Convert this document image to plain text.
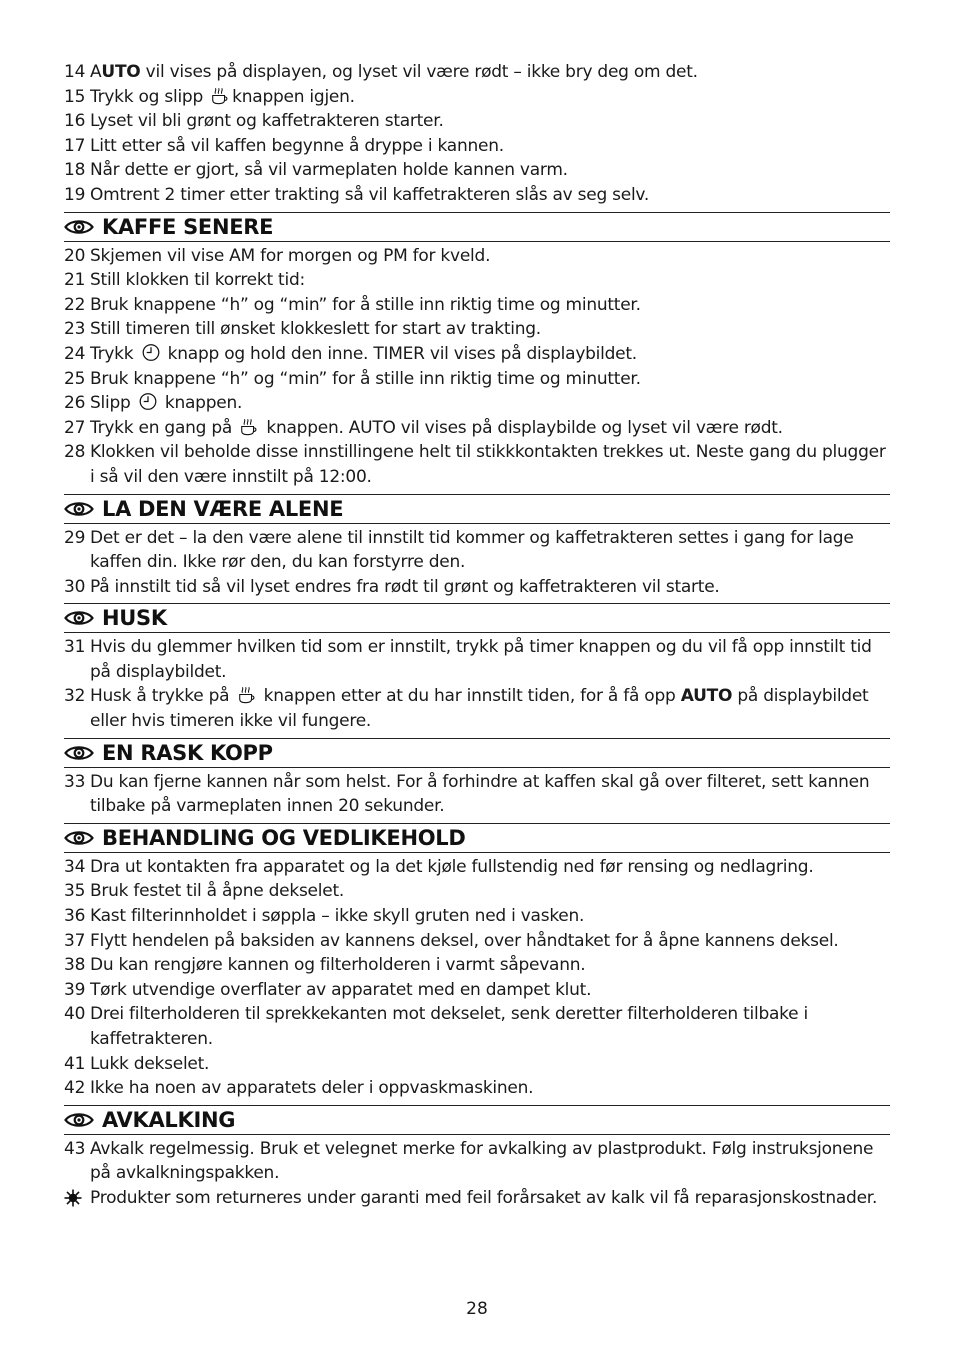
14 AUTO vil vises på displayen, og lyset vil være rødt – ikke bry deg om det.
15 Trykk og slipp knappen igjen.
16 Lyset vil bli grønt og kaffetrakteren starter.
17 Litt etter så vil kaffen begynne å dryppe i kannen.
18 Når dette er gjort, så vil varmeplaten holde kannen varm.
19 Omtrent 2 timer etter trakting så vil kaffetrakteren slås av seg selv.
KAFFE SENERE
20 Skjemen vil vise AM for morgen og PM for kveld.
21 Still klokken til korrekt tid:
22 Bruk knappene “h” og “min” for å stille inn riktig time og minutter.
23 Still timeren till ønsket klokkeslett for start av trakting.
24 Trykk  knapp og hold den inne. TIMER vil vises på displaybildet.
25 Bruk knappene “h” og “min” for å stille inn riktig time og minutter.
26 Slipp  knappen.
27 Trykk en gang på  knappen. AUTO vil vises på displaybilde og lyset vil være rødt.
28 Klokken vil beholde disse innstillingene helt til stikkkontakten trekkes ut. Neste gang du plugger i så vil den være innstilt på 12:00.
LA DEN VÆRE ALENE
29 Det er det – la den være alene til innstilt tid kommer og kaffetrakteren settes i gang for lage kaffen din. Ikke rør den, du kan forstyrre den.
30 På innstilt tid så vil lyset endres fra rødt til grønt og kaffetrakteren vil starte.
HUSK
31 Hvis du glemmer hvilken tid som er innstilt, trykk på timer knappen og du vil få opp innstilt tid på displaybildet.
32 Husk å trykke på  knappen etter at du har innstilt tiden, for å få opp AUTO på displaybildet eller hvis timeren ikke vil fungere.
EN RASK KOPP
33 Du kan fjerne kannen når som helst. For å forhindre at kaffen skal gå over filteret, sett kannen tilbake på varmeplaten innen 20 sekunder.
BEHANDLING OG VEDLIKEHOLD
34 Dra ut kontakten fra apparatet og la det kjøle fullstendig ned før rensing og nedlagring.
35 Bruk festet til å åpne dekselet.
36 Kast filterinnholdet i søppla – ikke skyll gruten ned i vasken.
37 Flytt hendelen på baksiden av kannens deksel, over håndtaket for å åpne kannens deksel.
38 Du kan rengjøre kannen og filterholderen i varmt såpevann.
39 Tørk utvendige overflater av apparatet med en dampet klut.
40 Drei filterholderen til sprekkekanten mot dekselet, senk deretter filterholderen tilbake i kaffetrakteren.
41 Lukk dekselet.
42 Ikke ha noen av apparatets deler i oppvaskmaskinen.
AVKALKING
43 Avkalk regelmessig. Bruk et velegnet merke for avkalking av plastprodukt. Følg instruksjonene på avkalkningspakken.
Produkter som returneres under garanti med feil forårsaket av kalk vil få reparasjonskostnader.
28
